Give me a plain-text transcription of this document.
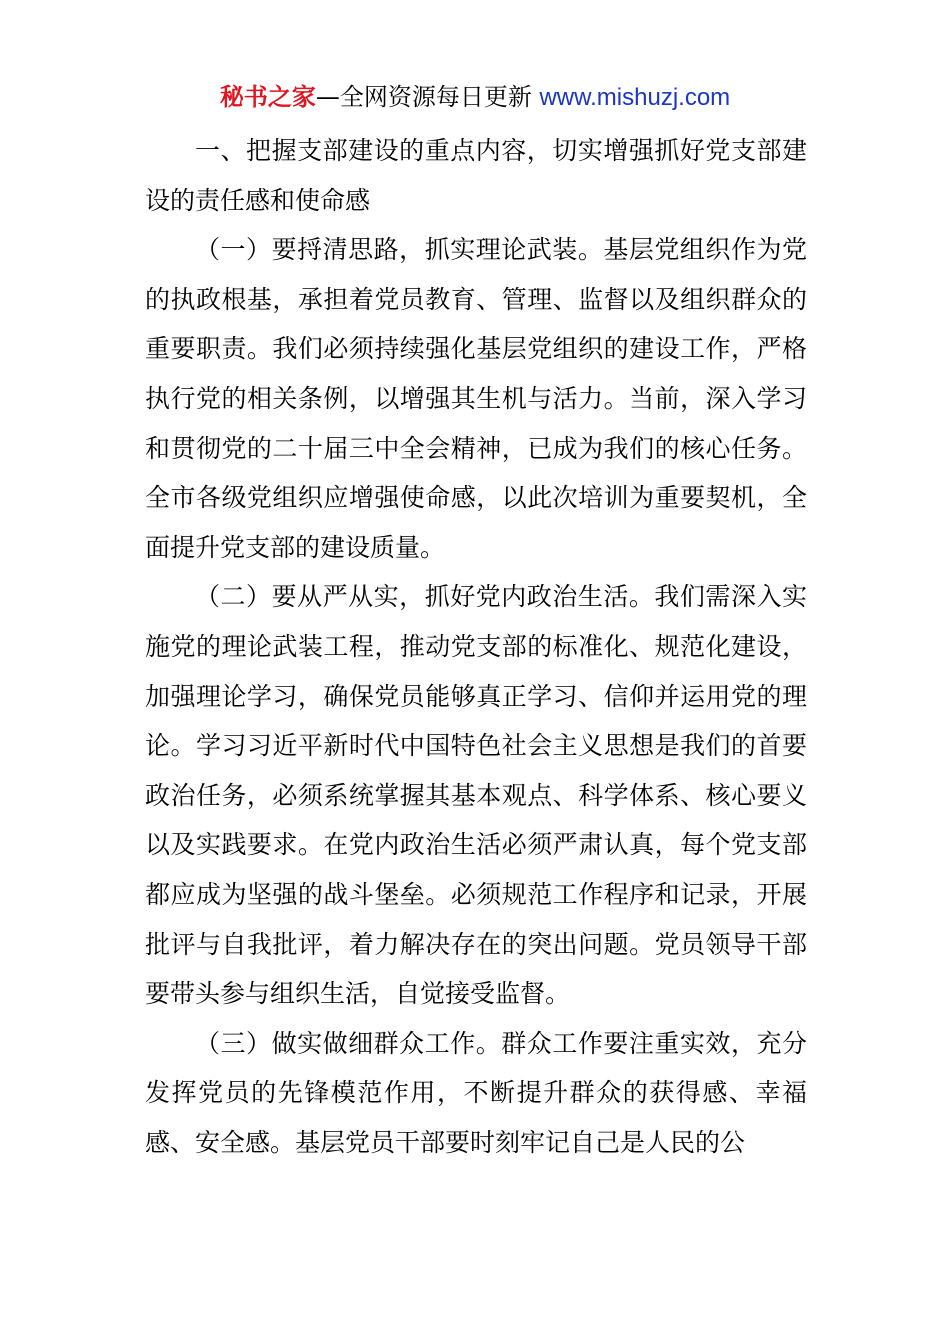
秘书之家—全网资源每日更新 www.mishuzj.com

一、把握支部建设的重点内容，切实增强抓好党支部建设的责任感和使命感

（一）要捋清思路，抓实理论武装。基层党组织作为党的执政根基，承担着党员教育、管理、监督以及组织群众的重要职责。我们必须持续强化基层党组织的建设工作，严格执行党的相关条例，以增强其生机与活力。当前，深入学习和贯彻党的二十届三中全会精神，已成为我们的核心任务。全市各级党组织应增强使命感，以此次培训为重要契机，全面提升党支部的建设质量。

（二）要从严从实，抓好党内政治生活。我们需深入实施党的理论武装工程，推动党支部的标准化、规范化建设，加强理论学习，确保党员能够真正学习、信仰并运用党的理论。学习习近平新时代中国特色社会主义思想是我们的首要政治任务，必须系统掌握其基本观点、科学体系、核心要义以及实践要求。在党内政治生活必须严肃认真，每个党支部都应成为坚强的战斗堡垒。必须规范工作程序和记录，开展批评与自我批评，着力解决存在的突出问题。党员领导干部要带头参与组织生活，自觉接受监督。

（三）做实做细群众工作。群众工作要注重实效，充分发挥党员的先锋模范作用，不断提升群众的获得感、幸福感、安全感。基层党员干部要时刻牢记自己是人民的公
